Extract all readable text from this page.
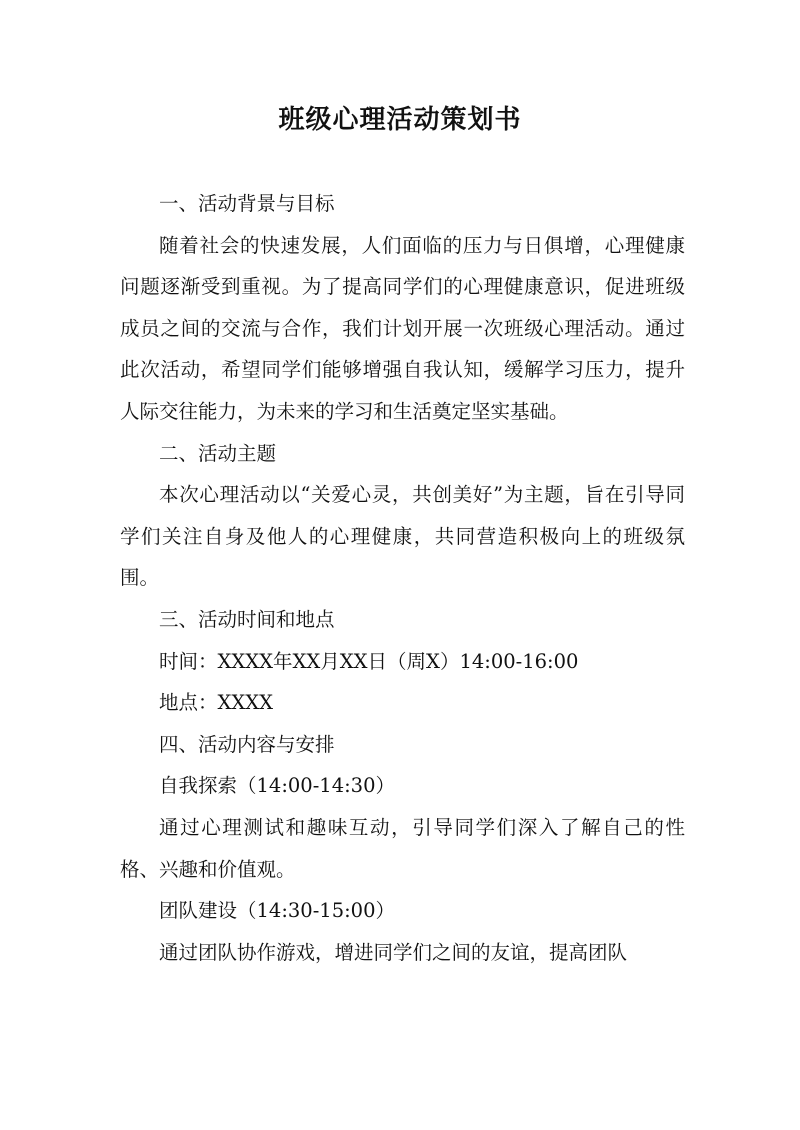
班级心理活动策划书

一、活动背景与目标

随着社会的快速发展，人们面临的压力与日俱增，心理健康问题逐渐受到重视。为了提高同学们的心理健康意识，促进班级成员之间的交流与合作，我们计划开展一次班级心理活动。通过此次活动，希望同学们能够增强自我认知，缓解学习压力，提升人际交往能力，为未来的学习和生活奠定坚实基础。

二、活动主题

本次心理活动以“关爱心灵，共创美好”为主题，旨在引导同学们关注自身及他人的心理健康，共同营造积极向上的班级氛围。

三、活动时间和地点

时间：XXXX年XX月XX日（周X）14:00-16:00

地点：XXXX

四、活动内容与安排

自我探索（14:00-14:30）

通过心理测试和趣味互动，引导同学们深入了解自己的性格、兴趣和价值观。

团队建设（14:30-15:00）

通过团队协作游戏，增进同学们之间的友谊，提高团队
